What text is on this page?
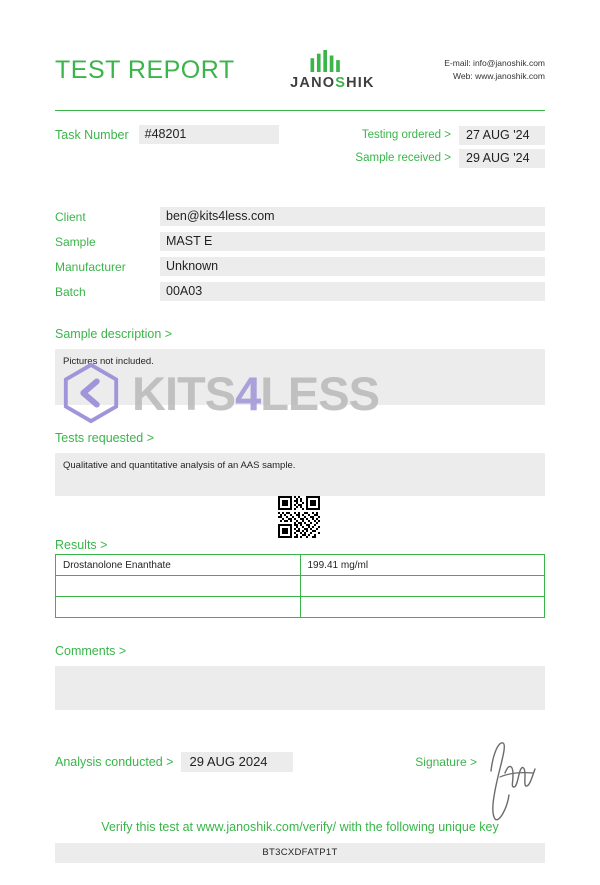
TEST REPORT	JANOSHIK
E-mail: info@janoshik.com
Web: www.janoshik.com
Task Number	#48201	Testing ordered >	27 AUG '24
Sample received >	29 AUG '24
Client	ben@kits4less.com
Sample	MAST E
Manufacturer	Unknown
Batch	00A03
Sample description >
Pictures not included.
Tests requested >
Qualitative and quantitative analysis of an AAS sample.
KITS4LESS
Results >
Drostanolone Enanthate	199.41 mg/ml

Comments >
Analysis conducted >	29 AUG 2024	Signature >
Verify this test at www.janoshik.com/verify/ with the following unique key
BT3CXDFATP1T
